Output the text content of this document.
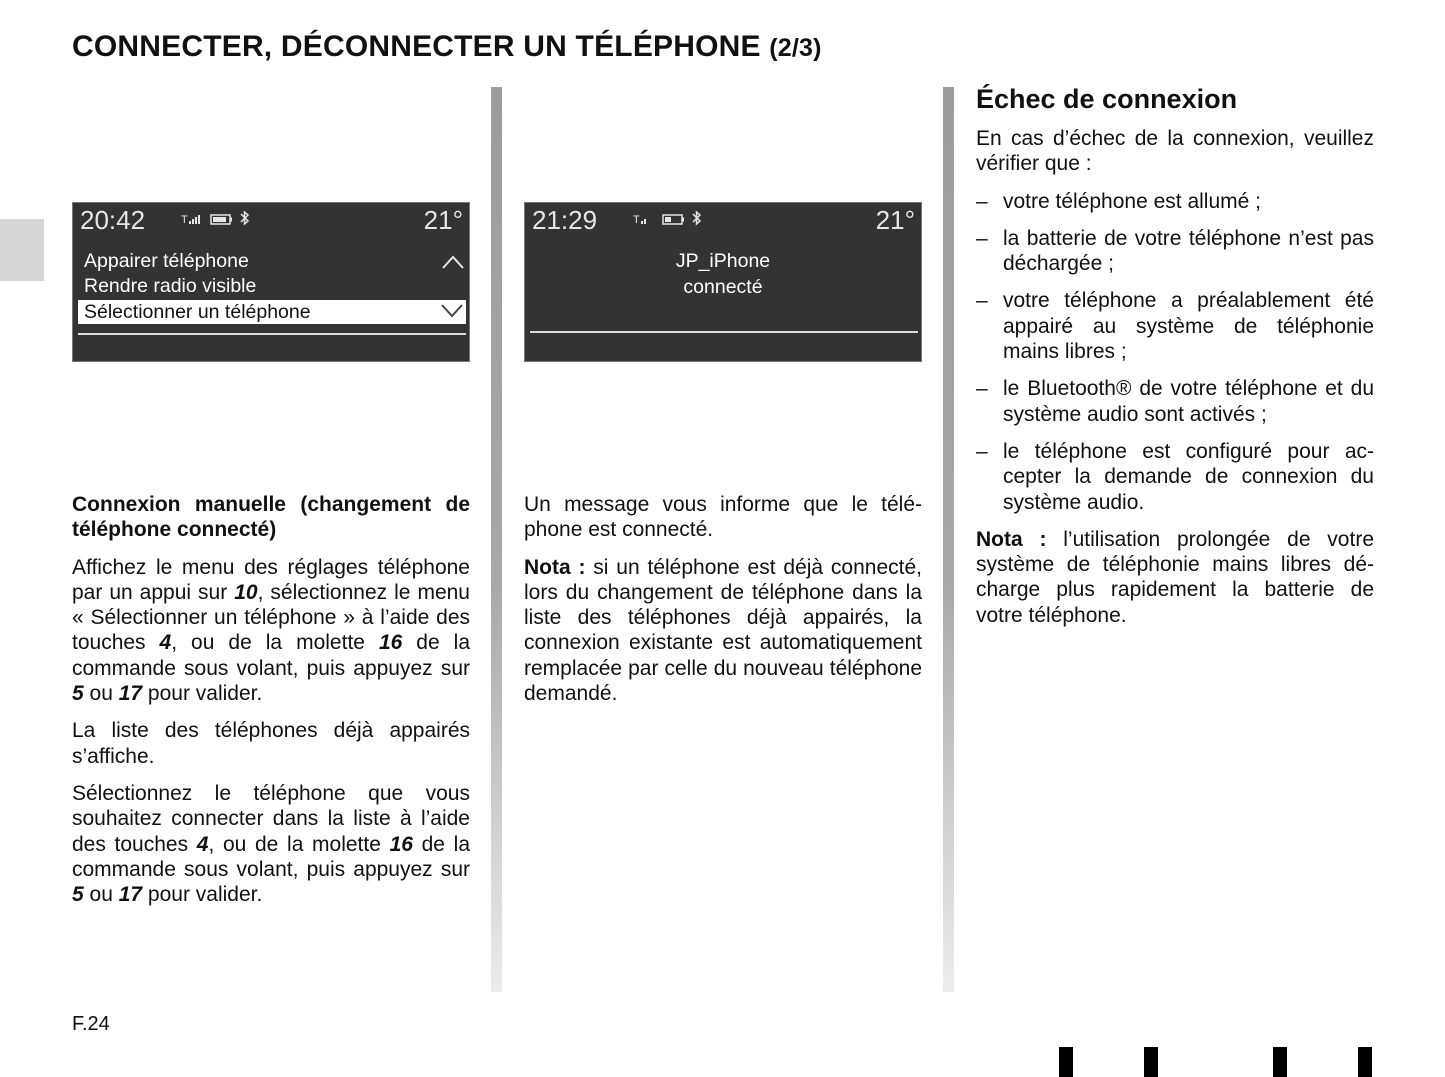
CONNECTER, DÉCONNECTER UN TÉLÉPHONE (2/3)
20:42	T
	21°
Appairer téléphone
Rendre radio visible
Sélectionner un téléphone
21:29	T
	21°
JP_iPhone
connecté

Connexion manuelle (changement de téléphone connecté)

Affichez le menu des réglages téléphone par un appui sur 10, sélectionnez le menu « Sélectionner un téléphone » à l’aide des touches 4, ou de la molette 16 de la commande sous volant, puis appuyez sur 5 ou 17 pour valider.

La liste des téléphones déjà appairés s’affiche.

Sélectionnez le téléphone que vous souhaitez connecter dans la liste à l’aide des touches 4, ou de la molette 16 de la commande sous volant, puis appuyez sur 5 ou 17 pour valider.

Un message vous informe que le téléphone est connecté.

Nota : si un téléphone est déjà connecté, lors du changement de téléphone dans la liste des téléphones déjà appairés, la connexion existante est automatiquement remplacée par celle du nouveau téléphone demandé.

Échec de connexion

En cas d’échec de la connexion, veuillez vérifier que :

– votre téléphone est allumé ;
– la batterie de votre téléphone n’est pas déchargée ;
– votre téléphone a préalablement été appairé au système de téléphonie mains libres ;
– le Bluetooth® de votre téléphone et du système audio sont activés ;
– le téléphone est configuré pour accepter la demande de connexion du système audio.

Nota : l’utilisation prolongée de votre système de téléphonie mains libres décharge plus rapidement la batterie de votre téléphone.

F.24
